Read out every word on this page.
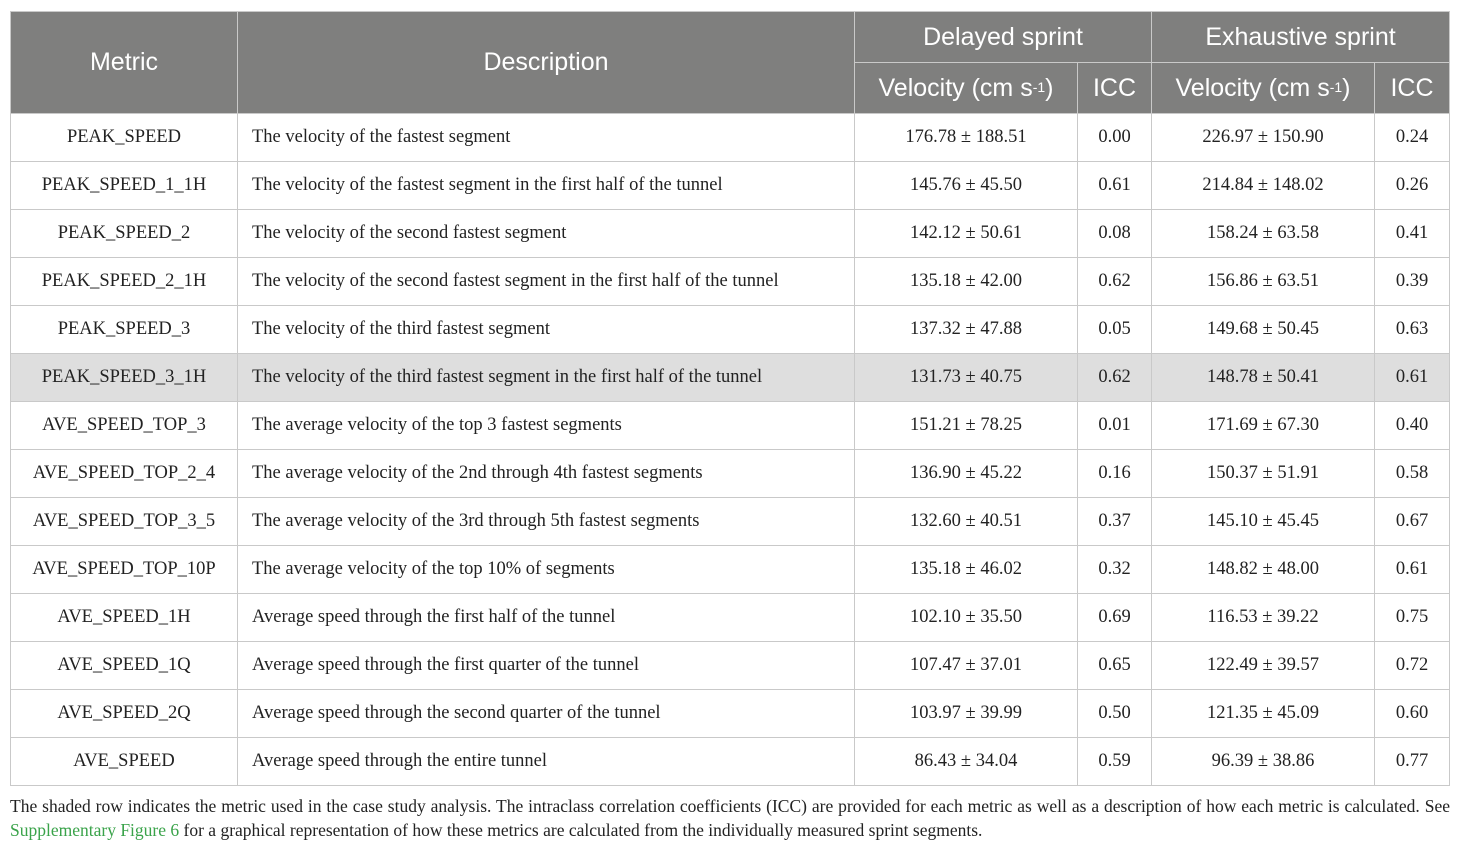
Metric	Description	Delayed sprint		Exhaustive sprint	
		Velocity (cm $s^{-1}$)	ICC	Velocity (cm $s^{-1}$)	ICC
PEAK_SPEED	The velocity of the fastest segment	176.78 ± 188.51	0.00	226.97 ± 150.90	0.24
PEAK_SPEED_1_1H	The velocity of the fastest segment in the first half of the tunnel	145.76 ± 45.50	0.61	214.84 ± 148.02	0.26
PEAK_SPEED_2	The velocity of the second fastest segment	142.12 ± 50.61	0.08	158.24 ± 63.58	0.41
PEAK_SPEED_2_1H	The velocity of the second fastest segment in the first half of the tunnel	135.18 ± 42.00	0.62	156.86 ± 63.51	0.39
PEAK_SPEED_3	The velocity of the third fastest segment	137.32 ± 47.88	0.05	149.68 ± 50.45	0.63
PEAK_SPEED_3_1H	The velocity of the third fastest segment in the first half of the tunnel	131.73 ± 40.75	0.62	148.78 ± 50.41	0.61
AVE_SPEED_TOP_3	The average velocity of the top 3 fastest segments	151.21 ± 78.25	0.01	171.69 ± 67.30	0.40
AVE_SPEED_TOP_2_4	The average velocity of the 2nd through 4th fastest segments	136.90 ± 45.22	0.16	150.37 ± 51.91	0.58
AVE_SPEED_TOP_3_5	The average velocity of the 3rd through 5th fastest segments	132.60 ± 40.51	0.37	145.10 ± 45.45	0.67
AVE_SPEED_TOP_10P	The average velocity of the top 10% of segments	135.18 ± 46.02	0.32	148.82 ± 48.00	0.61
AVE_SPEED_1H	Average speed through the first half of the tunnel	102.10 ± 35.50	0.69	116.53 ± 39.22	0.75
AVE_SPEED_1Q	Average speed through the first quarter of the tunnel	107.47 ± 37.01	0.65	122.49 ± 39.57	0.72
AVE_SPEED_2Q	Average speed through the second quarter of the tunnel	103.97 ± 39.99	0.50	121.35 ± 45.09	0.60
AVE_SPEED	Average speed through the entire tunnel	86.43 ± 34.04	0.59	96.39 ± 38.86	0.77
The shaded row indicates the metric used in the case study analysis. The intraclass correlation coefficients (ICC) are provided for each metric as well as a description of how each metric is calculated. See Supplementary Figure 6 for a graphical representation of how these metrics are calculated from the individually measured sprint segments.
